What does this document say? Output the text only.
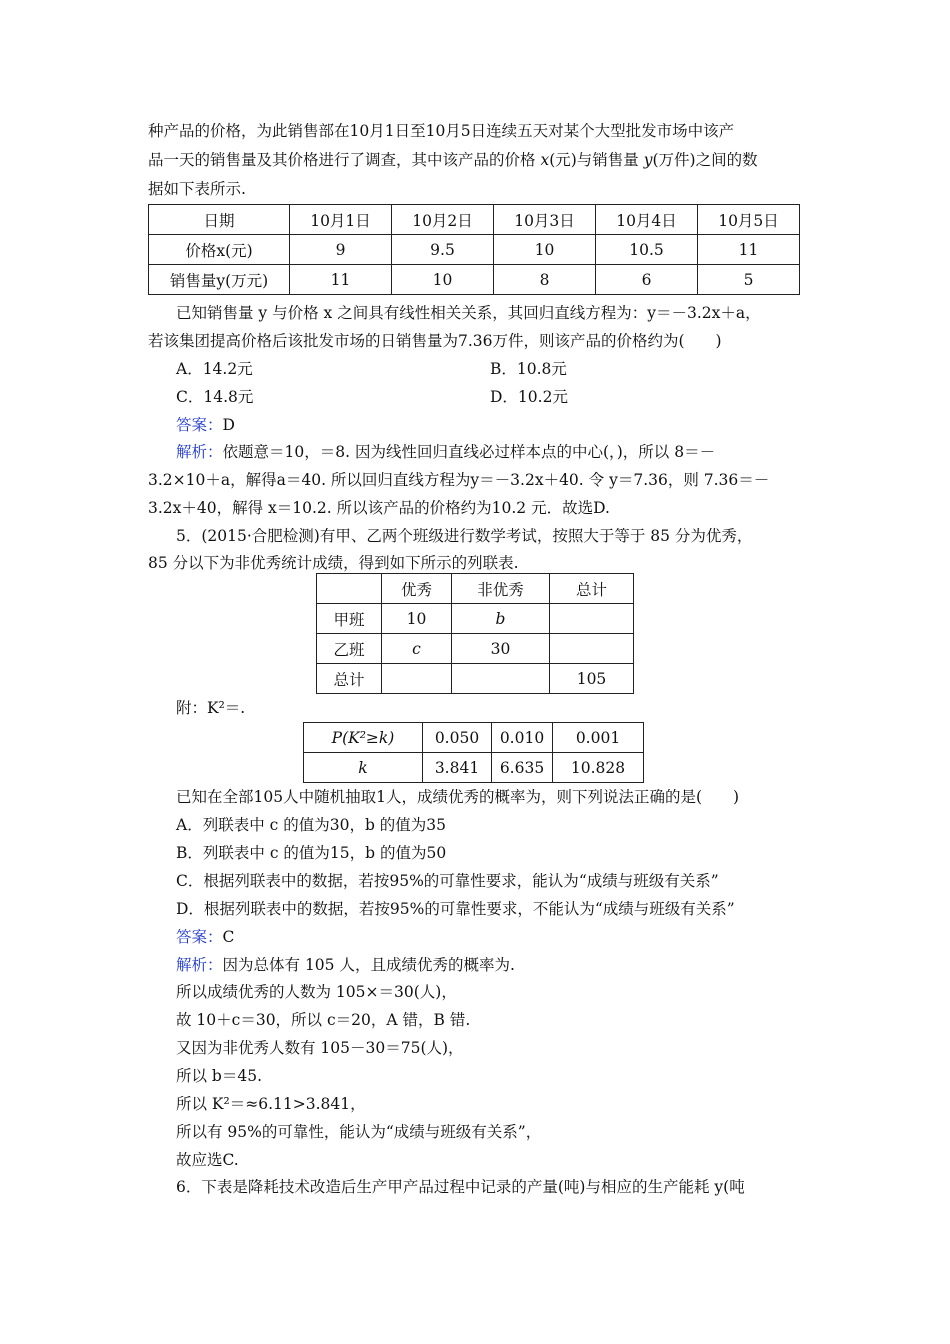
种产品的价格，为此销售部在10月1日至10月5日连续五天对某个大型批发市场中该产
品一天的销售量及其价格进行了调查，其中该产品的价格 x(元)与销售量 y(万件)之间的数
据如下表所示.
日期	10月1日	10月2日	10月3日	10月4日	10月5日
价格x(元)	9	9.5	10	10.5	11
销售量y(万元)	11	10	8	6	5
已知销售量 y 与价格 x 之间具有线性相关关系，其回归直线方程为：y＝－3.2x＋a，
若该集团提高价格后该批发市场的日销售量为7.36万件，则该产品的价格约为(　　)
A．14.2元	B．10.8元
C．14.8元	D．10.2元
答案：D
解析：依题意＝10，＝8. 因为线性回归直线必过样本点的中心(，)，所以 8＝－
3.2×10＋a，解得a＝40. 所以回归直线方程为y＝－3.2x＋40. 令 y＝7.36，则 7.36＝－
3.2x＋40，解得 x＝10.2. 所以该产品的价格约为10.2 元．故选D.
5．(2015·合肥检测)有甲、乙两个班级进行数学考试，按照大于等于 85 分为优秀，
85 分以下为非优秀统计成绩，得到如下所示的列联表.
	优秀	非优秀	总计
甲班	10	b	
乙班	c	30	
总计			105
附：K²＝.
P(K²≥k)	0.050	0.010	0.001
k	3.841	6.635	10.828
已知在全部105人中随机抽取1人，成绩优秀的概率为，则下列说法正确的是(　　)
A．列联表中 c 的值为30，b 的值为35
B．列联表中 c 的值为15，b 的值为50
C．根据列联表中的数据，若按95%的可靠性要求，能认为“成绩与班级有关系”
D．根据列联表中的数据，若按95%的可靠性要求，不能认为“成绩与班级有关系”
答案：C
解析：因为总体有 105 人，且成绩优秀的概率为.
所以成绩优秀的人数为 105×＝30(人)，
故 10＋c＝30，所以 c＝20，A 错，B 错.
又因为非优秀人数有 105－30＝75(人)，
所以 b＝45.
所以 K²＝≈6.11>3.841，
所以有 95%的可靠性，能认为“成绩与班级有关系”，
故应选C.
6．下表是降耗技术改造后生产甲产品过程中记录的产量(吨)与相应的生产能耗 y(吨
